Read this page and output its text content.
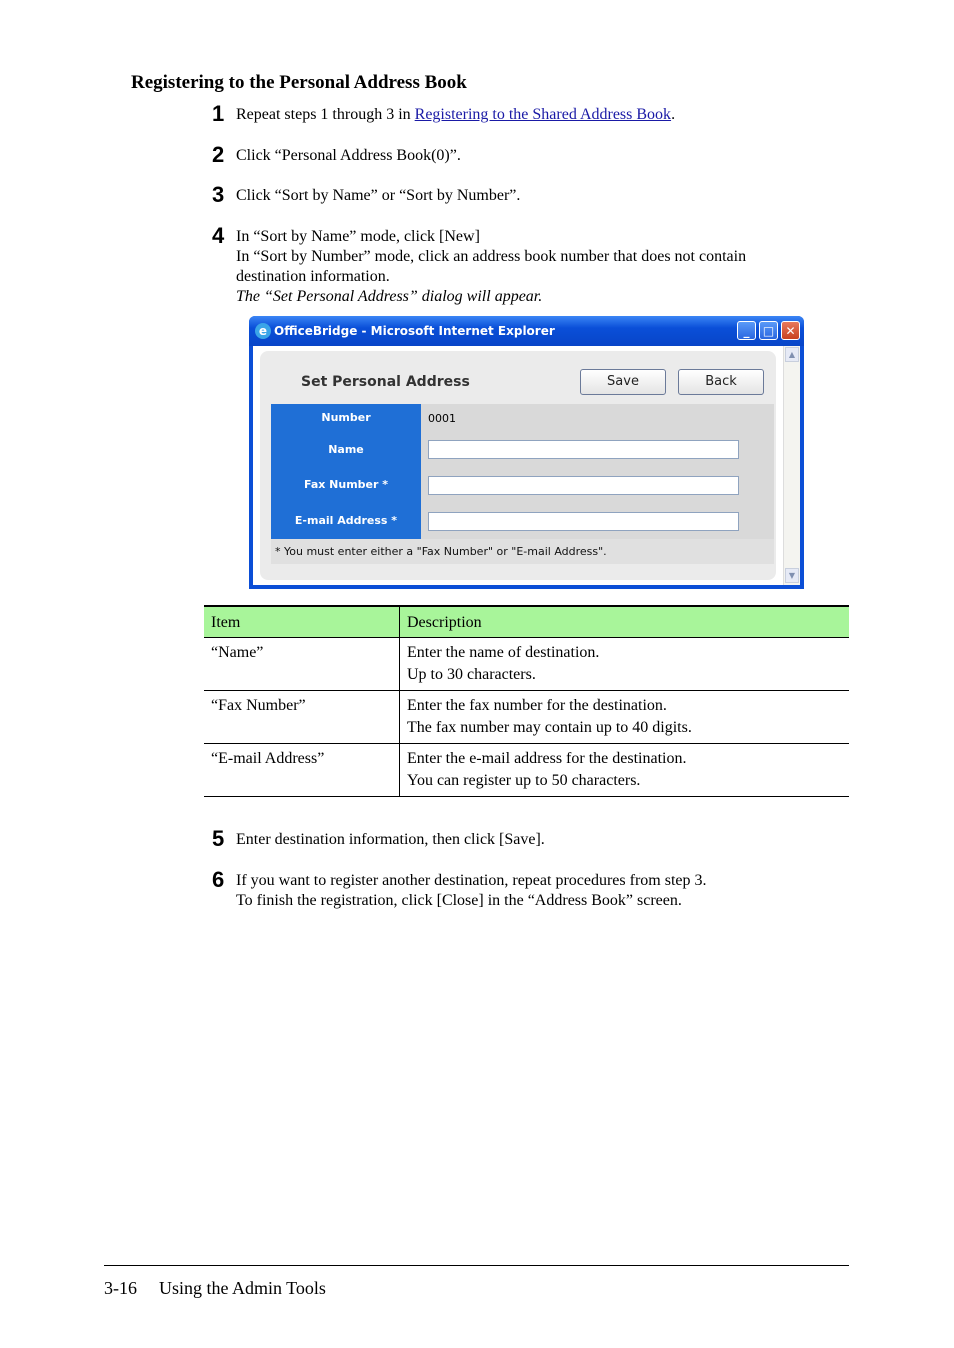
Registering to the Personal Address Book
1 Repeat steps 1 through 3 in Registering to the Shared Address Book.
2 Click “Personal Address Book(0)”.
3 Click “Sort by Name” or “Sort by Number”.
4 In “Sort by Name” mode, click [New]
In “Sort by Number” mode, click an address book number that does not contain
destination information.
The “Set Personal Address” dialog will appear.
e OfficeBridge - Microsoft Internet Explorer	_	□ ✕
Set Personal Address	Save	Back
Number	0001
Name
Fax Number *
E-mail Address *
* You must enter either a "Fax Number" or "E-mail Address".
▲
▼
Item	Description
“Name”	Enter the name of destination.
Up to 30 characters.

“Fax Number”	Enter the fax number for the destination.
The fax number may contain up to 40 digits.

“E-mail Address”	Enter the e-mail address for the destination.
You can register up to 50 characters.
5 Enter destination information, then click [Save].
6 If you want to register another destination, repeat procedures from step 3.
To finish the registration, click [Close] in the “Address Book” screen.
3-16 Using the Admin Tools
